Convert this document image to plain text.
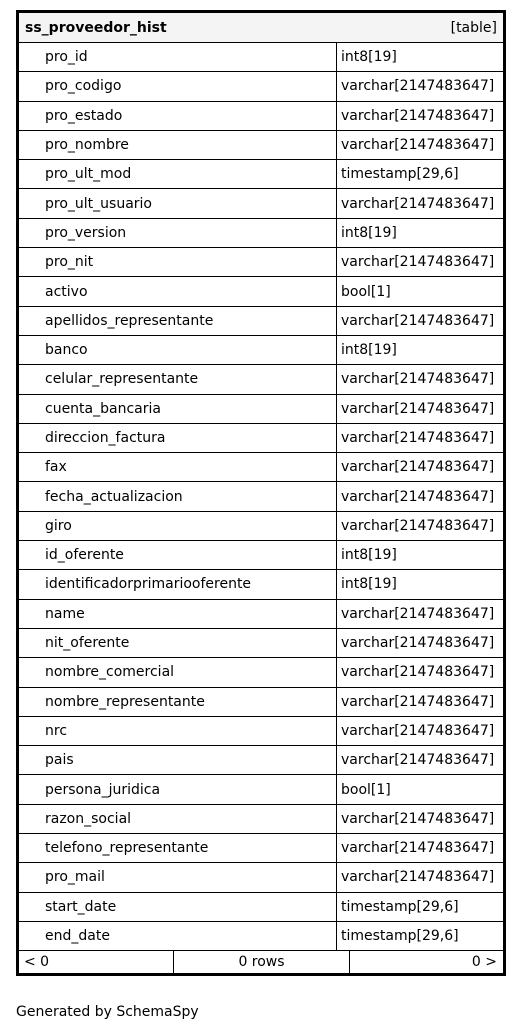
ss_proveedor_hist	[table]
pro_id	int8[19]
pro_codigo	varchar[2147483647]
pro_estado	varchar[2147483647]
pro_nombre	varchar[2147483647]
pro_ult_mod	timestamp[29,6]
pro_ult_usuario	varchar[2147483647]
pro_version	int8[19]
pro_nit	varchar[2147483647]
activo	bool[1]
apellidos_representante	varchar[2147483647]
banco	int8[19]
celular_representante	varchar[2147483647]
cuenta_bancaria	varchar[2147483647]
direccion_factura	varchar[2147483647]
fax	varchar[2147483647]
fecha_actualizacion	varchar[2147483647]
giro	varchar[2147483647]
id_oferente	int8[19]
identificadorprimariooferente	int8[19]
name	varchar[2147483647]
nit_oferente	varchar[2147483647]
nombre_comercial	varchar[2147483647]
nombre_representante	varchar[2147483647]
nrc	varchar[2147483647]
pais	varchar[2147483647]
persona_juridica	bool[1]
razon_social	varchar[2147483647]
telefono_representante	varchar[2147483647]
pro_mail	varchar[2147483647]
start_date	timestamp[29,6]
end_date	timestamp[29,6]
< 0	0 rows	0 >
Generated by SchemaSpy
